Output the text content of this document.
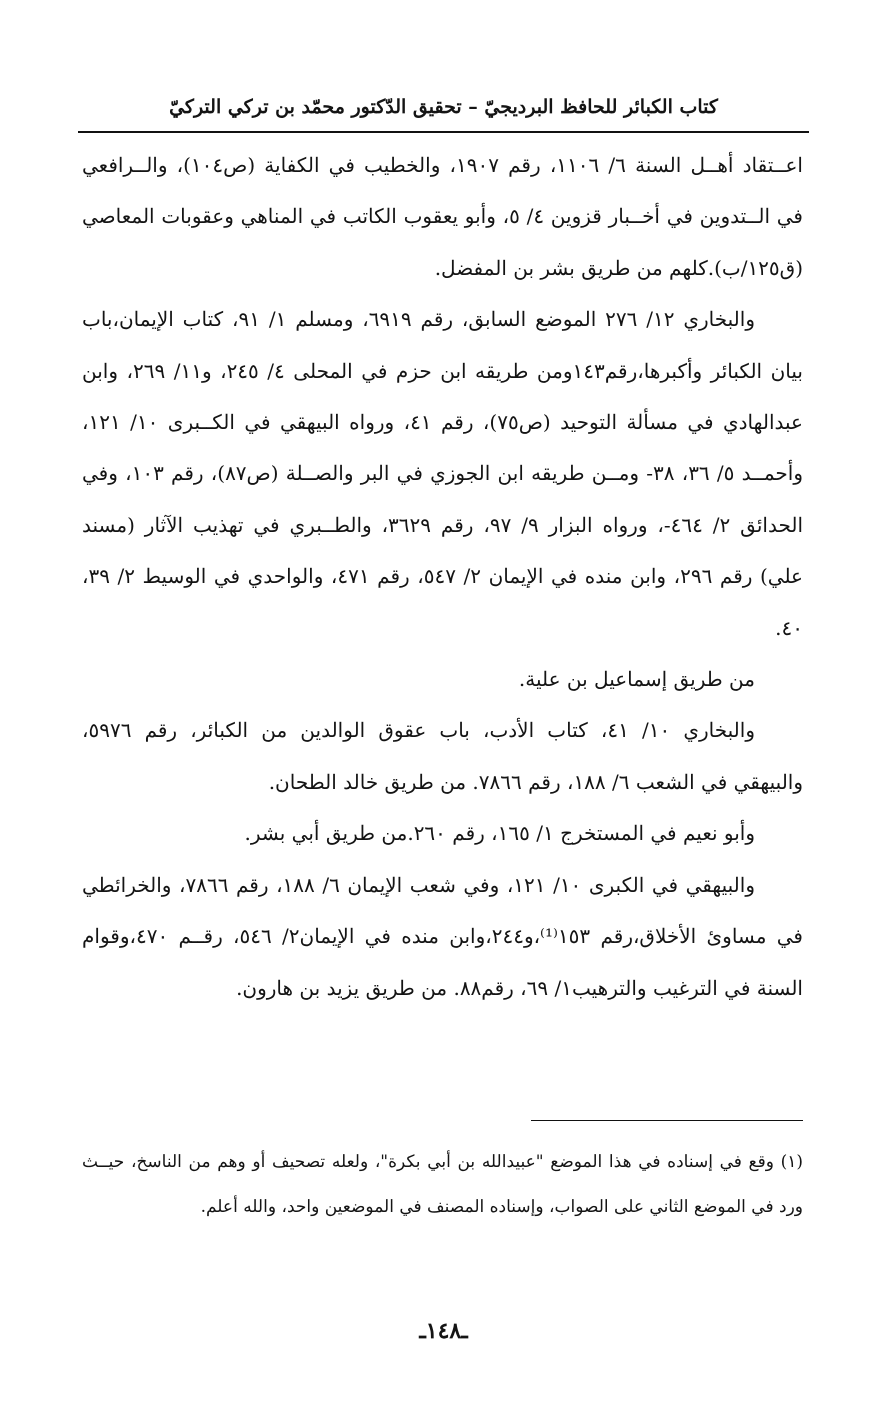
كتاب الكبائر للحافظ البرديجيّ – تحقيق الدّكتور محمّد بن تركي التركيّ

اعــتقاد أهــل السنة ٦/ ١١٠٦، رقم ١٩٠٧، والخطيب في الكفاية (ص١٠٤)، والــرافعي في الــتدوين في أخــبار قزوين ٤/ ٥، وأبو يعقوب الكاتب في المناهي وعقوبات المعاصي (ق١٢٥/ب).كلهم من طريق بشر بن المفضل.

والبخاري ١٢/ ٢٧٦ الموضع السابق، رقم ٦٩١٩، ومسلم ١/ ٩١، كتاب الإيمان،باب بيان الكبائر وأكبرها،رقم١٤٣ومن طريقه ابن حزم في المحلى ٤/ ٢٤٥، و١١/ ٢٦٩، وابن عبدالهادي في مسألة التوحيد (ص٧٥)، رقم ٤١، ورواه البيهقي في الكــبرى ١٠/ ١٢١، وأحمــد ٥/ ٣٦، ٣٨- ومــن طريقه ابن الجوزي في البر والصــلة (ص٨٧)، رقم ١٠٣، وفي الحدائق ٢/ ٤٦٤-، ورواه البزار ٩/ ٩٧، رقم ٣٦٢٩، والطــبري في تهذيب الآثار (مسند علي) رقم ٢٩٦، وابن منده في الإيمان ٢/ ٥٤٧، رقم ٤٧١، والواحدي في الوسيط ٢/ ٣٩، ٤٠.

من طريق إسماعيل بن علية.

والبخاري ١٠/ ٤١، كتاب الأدب، باب عقوق الوالدين من الكبائر، رقم ٥٩٧٦، والبيهقي في الشعب ٦/ ١٨٨، رقم ٧٨٦٦. من طريق خالد الطحان.

وأبو نعيم في المستخرج ١/ ١٦٥، رقم ٢٦٠.من طريق أبي بشر.

والبيهقي في الكبرى ١٠/ ١٢١، وفي شعب الإيمان ٦/ ١٨٨، رقم ٧٨٦٦، والخرائطي في مساوئ الأخلاق،رقم ١٥٣⁽¹⁾،و٢٤٤،وابن منده في الإيمان٢/ ٥٤٦، رقــم ٤٧٠،وقوام السنة في الترغيب والترهيب١/ ٦٩، رقم٨٨. من طريق يزيد بن هارون.

(١) وقع في إسناده في هذا الموضع "عبيدالله بن أبي بكرة"، ولعله تصحيف أو وهم من الناسخ، حيــث ورد في الموضع الثاني على الصواب، وإسناده المصنف في الموضعين واحد، والله أعلم.

ـ١٤٨ـ
